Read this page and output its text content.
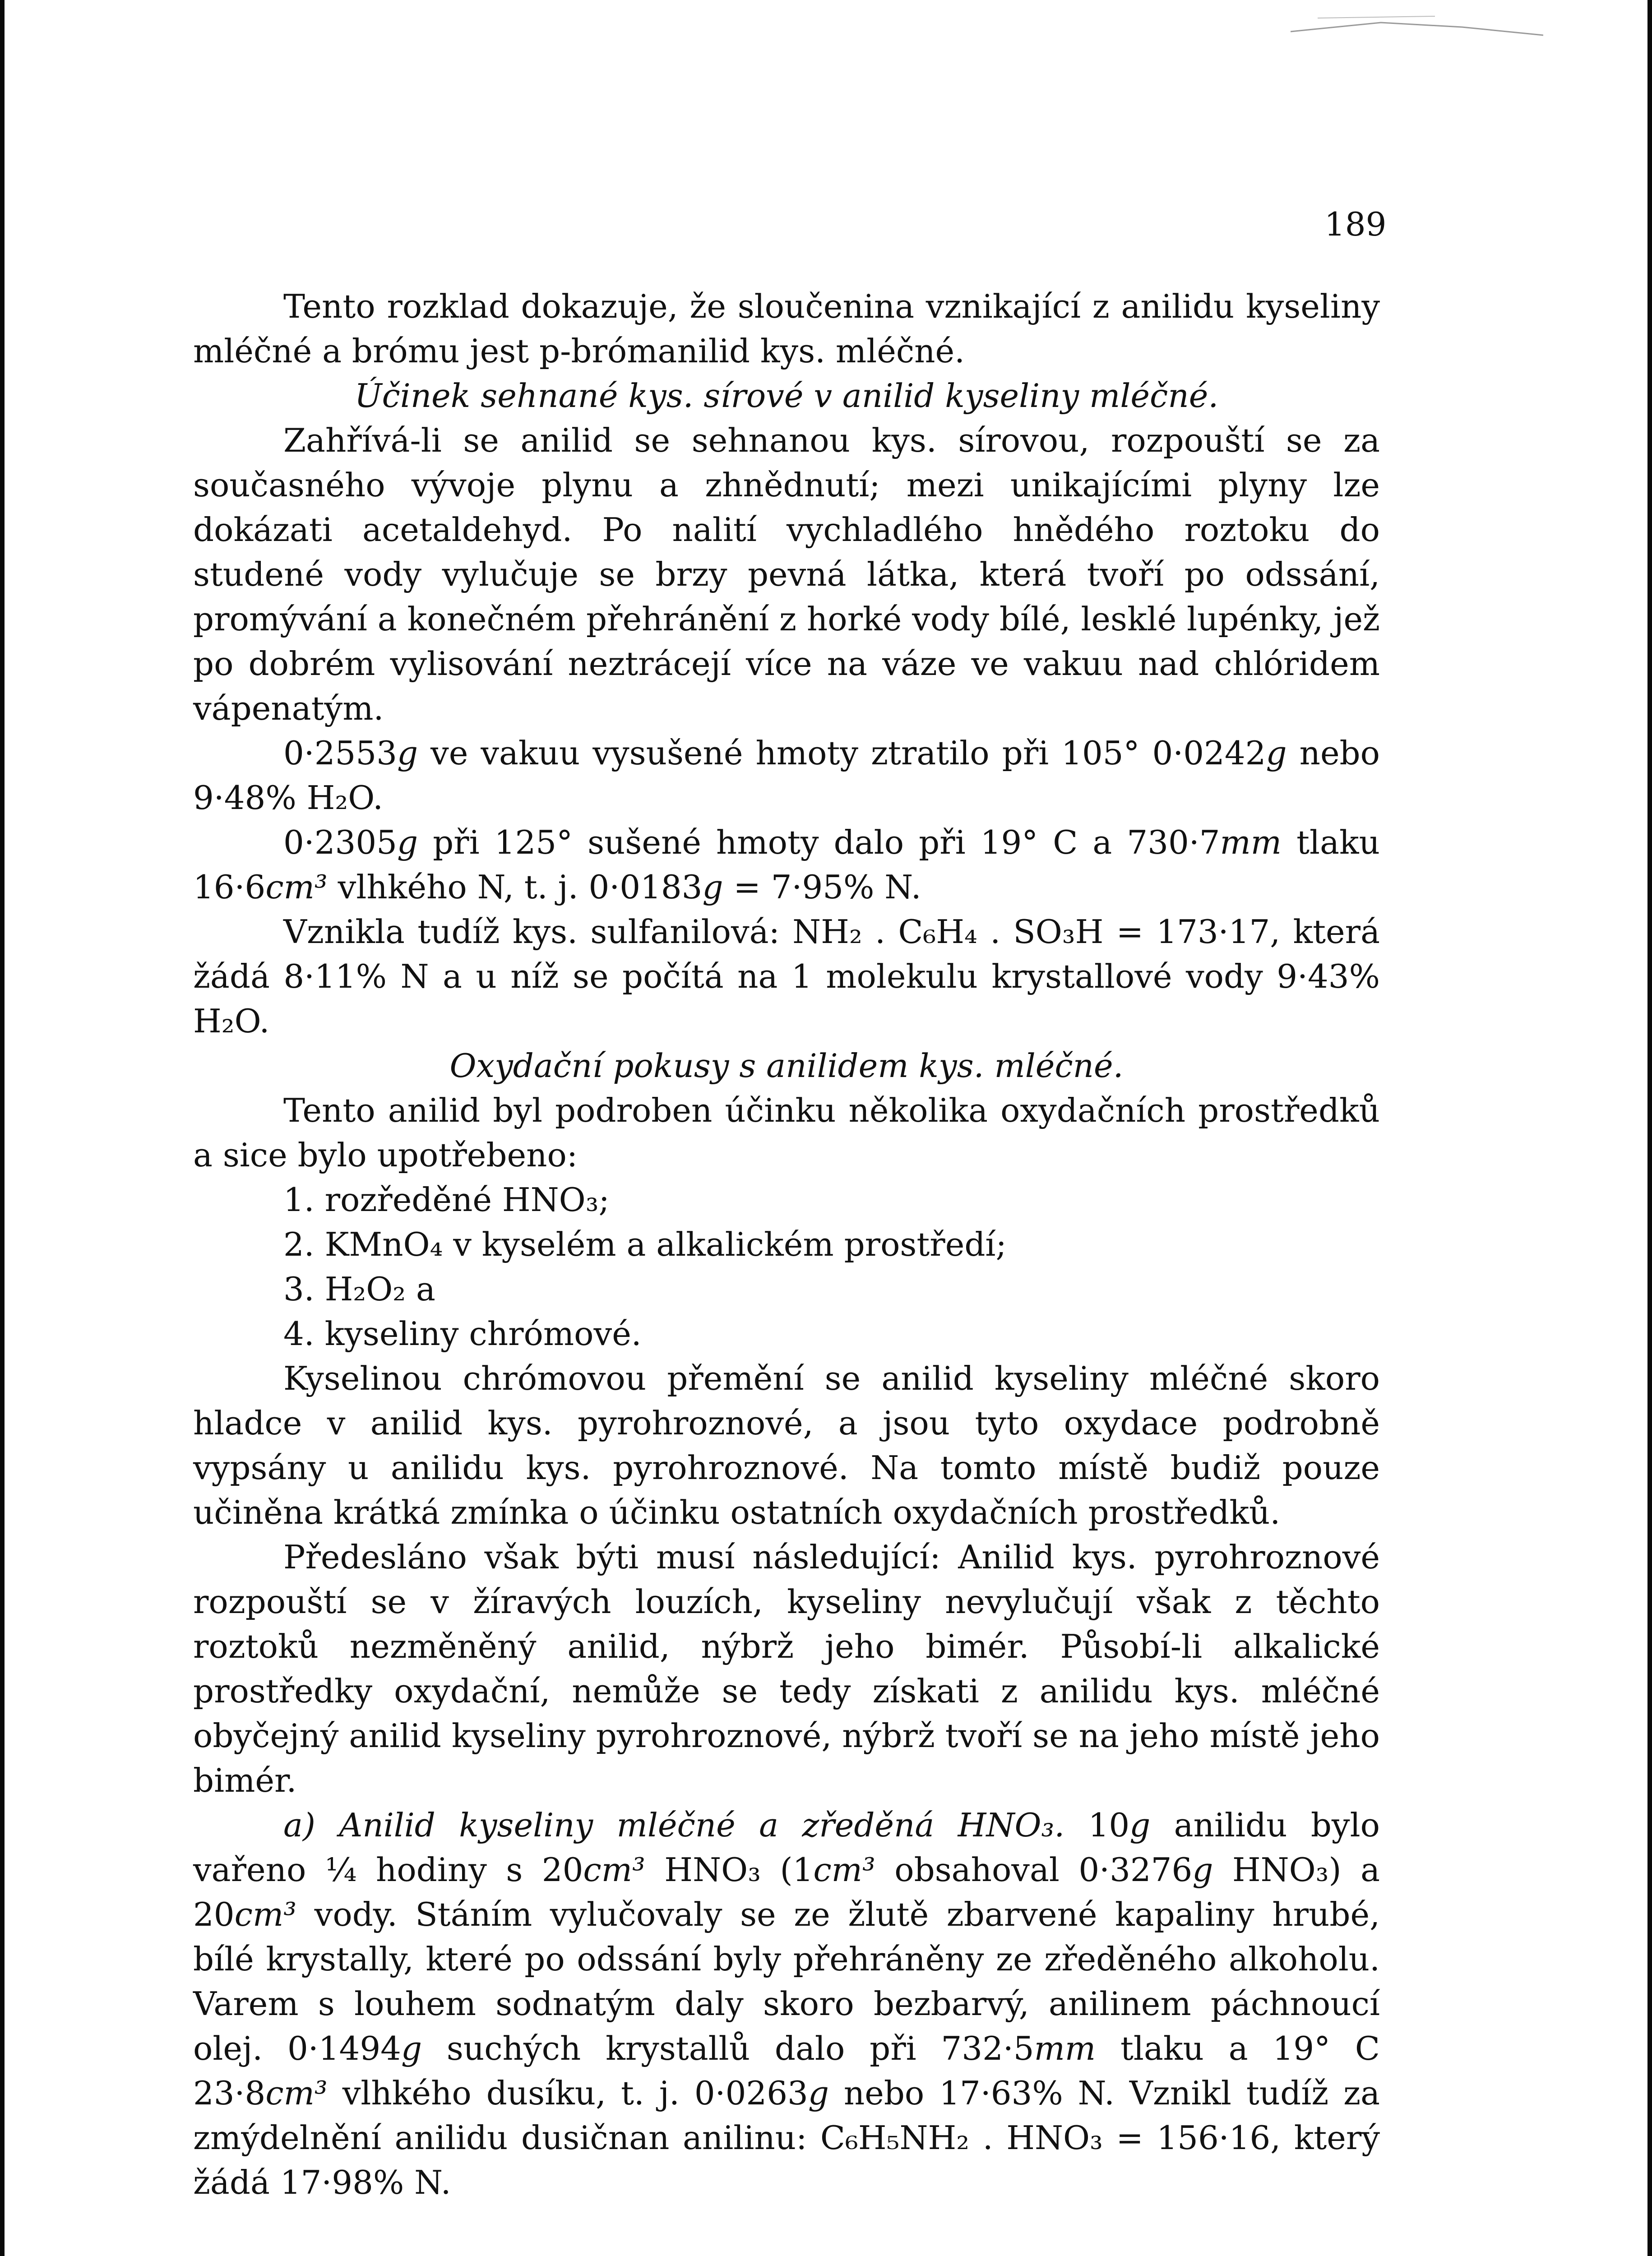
189

Tento rozklad dokazuje, že sloučenina vznikající z anilidu kyseliny mléčné a brómu jest p-brómanilid kys. mléčné.

Účinek sehnané kys. sírové v anilid kyseliny mléčné.

Zahřívá-li se anilid se sehnanou kys. sírovou, rozpouští se za současného vývoje plynu a zhnědnutí; mezi unikajícími plyny lze dokázati acetaldehyd. Po nalití vychladlého hnědého roztoku do studené vody vylučuje se brzy pevná látka, která tvoří po odssání, promývání a konečném přehránění z horké vody bílé, lesklé lupénky, jež po dobrém vylisování neztrácejí více na váze ve vakuu nad chlóridem vápenatým.

0·2553g ve vakuu vysušené hmoty ztratilo při 105° 0·0242g nebo 9·48% H₂O.

0·2305g při 125° sušené hmoty dalo při 19° C a 730·7mm tlaku 16·6cm³ vlhkého N, t. j. 0·0183g = 7·95% N.

Vznikla tudíž kys. sulfanilová: NH₂ . C₆H₄ . SO₃H = 173·17, která žádá 8·11% N a u níž se počítá na 1 molekulu krystallové vody 9·43% H₂O.

Oxydační pokusy s anilidem kys. mléčné.

Tento anilid byl podroben účinku několika oxydačních prostředků a sice bylo upotřebeno:

1. rozředěné HNO₃;

2. KMnO₄ v kyselém a alkalickém prostředí;

3. H₂O₂ a

4. kyseliny chrómové.

Kyselinou chrómovou přemění se anilid kyseliny mléčné skoro hladce v anilid kys. pyrohroznové, a jsou tyto oxydace podrobně vypsány u anilidu kys. pyrohroznové. Na tomto místě budiž pouze učiněna krátká zmínka o účinku ostatních oxydačních prostředků.

Předesláno však býti musí následující: Anilid kys. pyrohroznové rozpouští se v žíravých louzích, kyseliny nevylučují však z těchto roztoků nezměněný anilid, nýbrž jeho bimér. Působí-li alkalické prostředky oxydační, nemůže se tedy získati z anilidu kys. mléčné obyčejný anilid kyseliny pyrohroznové, nýbrž tvoří se na jeho místě jeho bimér.

a) Anilid kyseliny mléčné a zředěná HNO₃. 10g anilidu bylo vařeno ¼ hodiny s 20cm³ HNO₃ (1cm³ obsahoval 0·3276g HNO₃) a 20cm³ vody. Stáním vylučovaly se ze žlutě zbarvené kapaliny hrubé, bílé krystally, které po odssání byly přehráněny ze zředěného alkoholu. Varem s louhem sodnatým daly skoro bezbarvý, anilinem páchnoucí olej. 0·1494g suchých krystallů dalo při 732·5mm tlaku a 19° C 23·8cm³ vlhkého dusíku, t. j. 0·0263g nebo 17·63% N. Vznikl tudíž za zmýdelnění anilidu dusičnan anilinu: C₆H₅NH₂ . HNO₃ = 156·16, který žádá 17·98% N.
